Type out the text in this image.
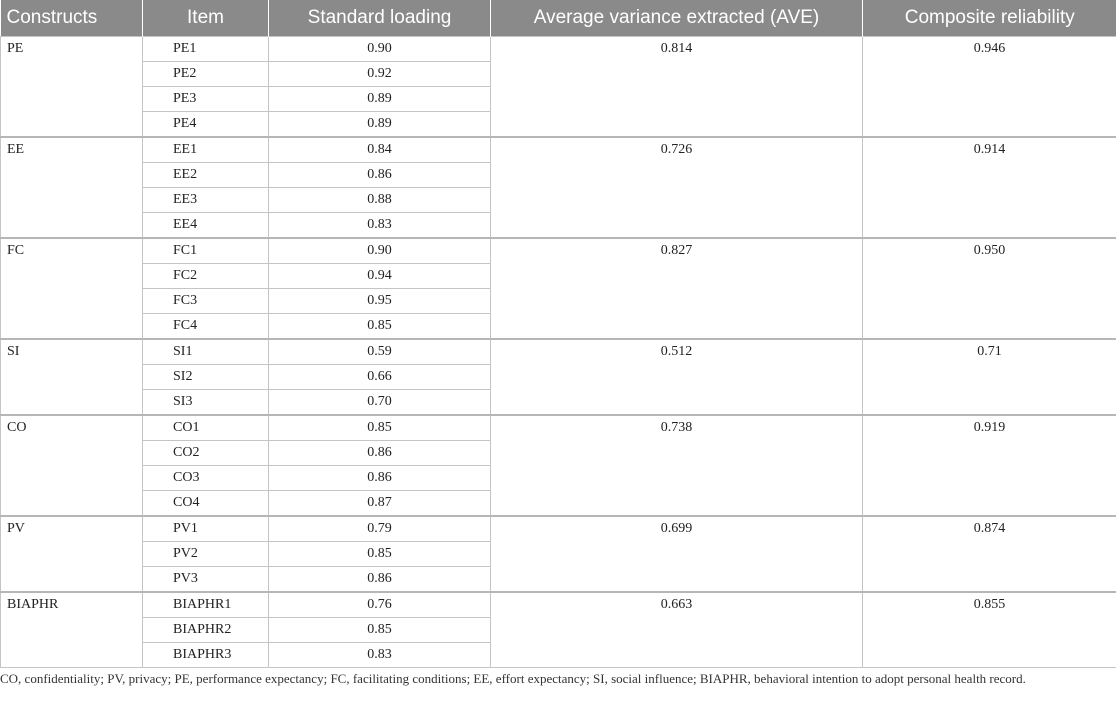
Constructs	Item	Standard loading	Average variance extracted (AVE)	Composite reliability
PE	PE1	0.90	0.814	0.946
	PE2	0.92		
	PE3	0.89		
	PE4	0.89		
EE	EE1	0.84	0.726	0.914
	EE2	0.86		
	EE3	0.88		
	EE4	0.83		
FC	FC1	0.90	0.827	0.950
	FC2	0.94		
	FC3	0.95		
	FC4	0.85		
SI	SI1	0.59	0.512	0.71
	SI2	0.66		
	SI3	0.70		
CO	CO1	0.85	0.738	0.919
	CO2	0.86		
	CO3	0.86		
	CO4	0.87		
PV	PV1	0.79	0.699	0.874
	PV2	0.85		
	PV3	0.86		
BIAPHR	BIAPHR1	0.76	0.663	0.855
	BIAPHR2	0.85		
	BIAPHR3	0.83		
CO, confidentiality; PV, privacy; PE, performance expectancy; FC, facilitating conditions; EE, effort expectancy; SI, social influence; BIAPHR, behavioral intention to adopt personal health record.
